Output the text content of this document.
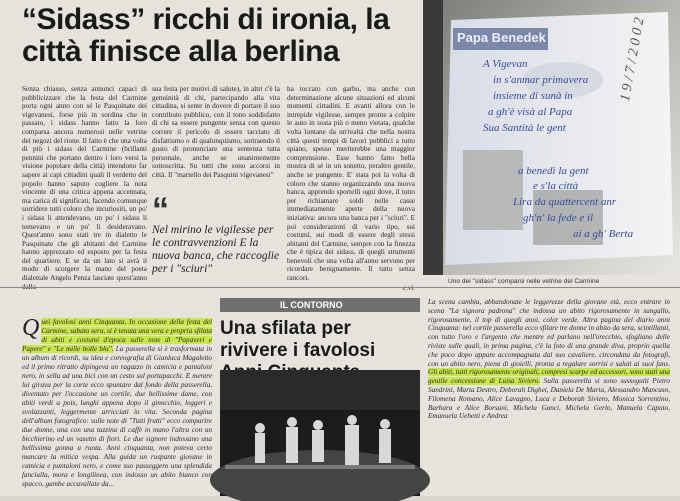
“Sidass” ricchi di ironia, la città finisce alla berlina

Senza chiasso, senza annunci capaci di pubblicizzare che la festa del Carmine porta ogni anno con sé le Pasquinate dei vigevanesi, forse più in sordina che in passato, i sidass hanno fatto la loro comparsa ancora numerosi nelle vetrine dei negozi del rione. Il fatto è che una volta di più i sidass del Carmine (brillanti pennini che portano dentro i loro versi la visione popolare della città) intendono far sapere ai capi cittadini quali il verdetto del popolo hanno saputo cogliere la nota vincente di una critica appena accennata, ma carica di significati, facendo comunque sorridere tutti coloro che incuriositi, un po' i sidass li attendevano, un po' i sidass li temevano e un po' li desideravano. Quest'anno sono stati tre in dialetto le Pasquinate che gli abitanti del Carmine hanno apprezzato ed esposto per la festa del quartiere. E se da un lato si avrà il modo di scorgere la mano del poeta dialettale Angelo Penza lasciate quest'anno

sua festa per motivi di salute), in altri c'è la genuinità di chi, partecipando alla vita cittadina, si sente in dovere di portare il suo contributo pubblico, con il tono soddisfatto di chi sa essere pungente senza con questo correre il pericolo di essere tacciato di disfattismo o di qualunquismo, sottraendo il gusto di pronunciare una sentenza tutta personale, anche se unanimemente sottoscritta. Su tutti che sono accorsi in città. Il "martello dei Pasquini vigevanesi"

“
Nel mirino le vigilesse per le contravvenzioni E la nuova banca, che raccoglie per i "sciuri"

ha toccato con garbo, ma anche con determinazione alcune situazioni ed alcuni momenti cittadini. E avanti allora con le intrepide vigilesse, sempre pronte a colpire le auto in sosta più o meno vietata, qualche volta lontane da un'realtà che nella nostra città questi tempi di lavori pubblici a tutto spiano, spesso meriterebbe una maggior comprensione. Esse hanno fatto bella mostra di sé in un sonetto, peraltro gentile, anche se pungente. E' stata poi la volta di coloro che stanno organizzando una nuova banca, apprendo sportelli ogni dove, il tutto per richiamare soldi nelle casse immediatamente aperte della nuova iniziativa: ancora una banca per i "sciuri". E poi considerazioni di vario tipo, sui costumi, sui modi di essere degli stessi abitanti del Carmine, sempre con la finezza che è tipica dei sidass, di quegli strumenti benevoli che una volta all'anno servono per ricordare benignamente. Il tutto senza rancori.

Papa Benedek
A Vigevan
in s'anmar primavera
insieme di sunà in
a gh'è visà al Papa
Sua Santità le gent
a benedì la gent
e s'la città
Lira da quattercent anr
gh'n' la fede e il
ai a gh' Berta
Uno dei "sidass" comparsi nelle vetrine del Carmine
IL CONTORNO
Q uei favolosi anni Cinquanta. In occasione della festa del Carmine, sabato sera, si è tenuta una vera e propria sfilata di abiti e costumi d'epoca sulle note di "Papaveri e Papere" e "Le mille bolle blu". La passerella si è trasformata in un album di ricordi, su idea e coreografia di Gianluca Magaletto ed il primo ritratto dipingeva un ragazzo in camicia e pantaloni nero, in sella ad una bici con un cesto sul portapacchi. E mentre lui girava per la corte ecco spuntare dal fondo della passerella, diventato per l'occasione un cortile, due bellissime dame, con abiti verdi a pois, lunghi appena dopo il ginocchio, leggeri e svolazzanti, leggermente arricciati in vita. Seconda pagina dell'album fotografico: sulle note di "Tutti frutti" ecco comparire due donne, una con una tazzina di caffè in mano l'altra con un bicchierino ed un vasetto di fiori. Le due signore indossano una bellissima gonna a ruota. Anni cinquanta, non poteva certo mancare la mitica vespa. Alla guida un ruspante giovane in camicia e pantaloni nero, e come suo passeggero una splendida fanciulla, mora e longilinea, con indosso un abito bianco con spacco, gambe accavallate da...
Una sfilata per rivivere i favolosi
La scena cambia, abbandonate le leggerezze della giovane età, ecco entrare in scena "La signora padrona" che indossa un abito rigorosamente in sangallo, rigorosamente, il top di quegli anni, color verde. Altra pagina del diario anni Cinquanta: nel cortile passerella ecco sfilare tre donne in abito da sera, scintillanti, con tutto l'oro e l'argento che mentre ed parlano nell'orecchio, sfogliano delle riviste sulle quali, in prima pagina, c'è la foto di una grande diva, proprio quella che poco dopo appare accompagnata dal suo cavaliere, circondata da fotografi, con un abito nero, piena di gioielli, pronta a regalare sorrisi e saluti ai suoi fans. Gli abiti, tutti rigorosamente originali, compresi scarpe ed accessori, sono stati una gentile concessione di Luisa Siviero. Sulla passerella si sono susseguiti Pietro Sandrini, Marta Destro, Deborah Dighei, Daniela De Maria, Alessandro Mancuso, Filomena Romano, Alice Lavagno, Luca e Deborah Siviero, Monica Sorrentino, Barbara e Alice Borsani, Michela Ganci, Michela Gerlo, Manuela Caputo, Emanuela Uebetti e Andrea
